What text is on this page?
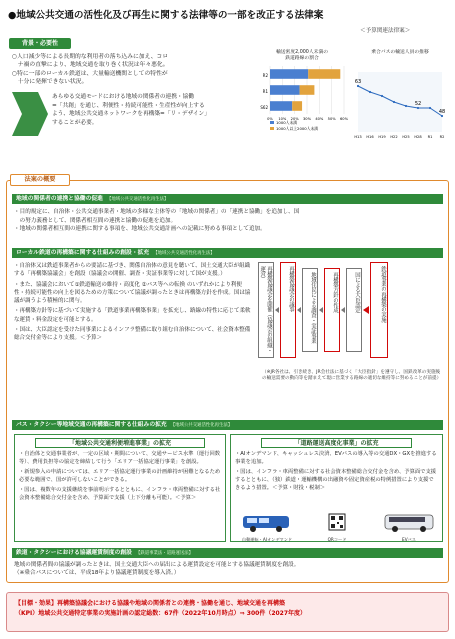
●地域公共交通の活性化及び再生に関する法律等の一部を改正する法律案
＜予算関連法律案＞
背景・必要性
○人口減少等による長期的な利用者の落ち込みに加え、コロ
　ナ禍の直撃により、地域交通を取り巻く状況は年々悪化。
○特に一部のローカル鉄道は、大量輸送機関としての特性が
　十分に発揮できない状況。
あらゆる交通モードにおける地域の関係者の連携・協働
=「共創」を通じ、利便性・持続可能性・生産性が向上する
よう、地域公共交通ネットワークを再構築=「リ・デザイン」
することが必要。
輸送密度2,000人未満の
鉄道路線の割合
0% 10% 20% 30% 40% 50% 60%
R2
R1
S62
1000人未満
1000人以上2000人未満
乗合バスの輸送人員の推移
63
52
48
H13 H16 H19 H22 H25 H28 R1 R2
法案の概要
地域の関係者の連携と協働の促進 【地域公共交通活性化再生法】
・目的規定に、自治体・公共交通事業者・地域の多様な主体等の「地域の関係者」の「連携と協働」を追加し、国
　の努力義務として、関係者相互間の連携と協働の促進を追加。
・地域の関係者相互間の連携に関する事項を、地域公共交通計画への記載に努める事項として追加。
ローカル鉄道の再構築に関する仕組みの創設・拡充 【地域公共交通活性化再生法】
・自治体又は鉄道事業者からの要請に基づき、関係自治体の意見を聴いて、国土交通大臣が組織する「再構築協議会」を創設（協議会の開催、調査・実証事業等に対して国が支援。）
・また、協議会において①鉄道輸送の維持・高度化 ②バス等への転換 のいずれかにより利便性・持続可能性の向上を図るための方策について協議が調ったときは再構築方針を作成。国は協議が調うよう積極的に関与。
・再構築方針等に基づいて実施する「鉄道事業再構築事業」を拡充し、路線の特性に応じて柔軟な運賃・料金設定を可能とする。
・国は、大臣認定を受けた同事業によるインフラ整備に取り組む自治体について、社会資本整備総合交付金等により支援。＜予算＞	再構築協議会を開催（協議会の組織・運営）	再構築協議会の議事	地域住民による調査・実証事業	再構築方針の作成	国による大臣認定	鉄道事業の再構築の実施
（※JR各社は、引き続き、JR会社法に基づく「大臣指針」を遵守し、国鉄改革の実施後の輸送需要の動向等を踏まえて現に営業する路線の適切な維持等に努めることが前提）
バス・タクシー等地域交通の再構築に関する仕組みの拡充 【地域公共交通活性化再生法】
「地域公共交通利便増進事業」の拡充
・自治体と交通事業者が、一定の区域・期間について、交通サービス水準（運行回数等）、費用負担等の協定を締結して行う「エリア一括協定運行事業」を創設。
・新規参入の申請については、エリア一括協定運行事業の計画維持が困難となるため必要な範囲で、国が許可しないことができる。
・国は、複数年の支援継続を事前明示するとともに、インフラ・車両整備に対する社会資本整備総合交付金を含め、予算面で支援（上下分離も可能）。＜予算＞
「道路運送高度化事業」の拡充
・AIオンデマンド、キャッシュレス決済、EVバスの導入等の交通DX・GXを推進する事業を追加。
・国は、インフラ・車両整備に対する社会資本整備総合交付金を含め、予算面で支援するとともに、（独）鉄道・運輸機構の出融資や固定資産税の特例措置により支援できるよう措置。＜予算・財投・税制＞
自動運転・AIオンデマンド	QRコード	EVバス
鉄道・タクシーにおける協議運賃制度の創設 【鉄道事業法・道路運送法】
地域の関係者間の協議が調ったときは、国土交通大臣への届出による運賃設定を可能とする協議運賃制度を創設。
（※乗合バスについては、平成18年より協議運賃制度を導入済。）
【目標・効果】再構築協議会における協議や地域の関係者との連携・協働を通じ、地域交通を再構築
（KPI）地域公共交通特定事業の実施計画の認定総数：67件（2022年10月時点）⇒ 300件（2027年度）
